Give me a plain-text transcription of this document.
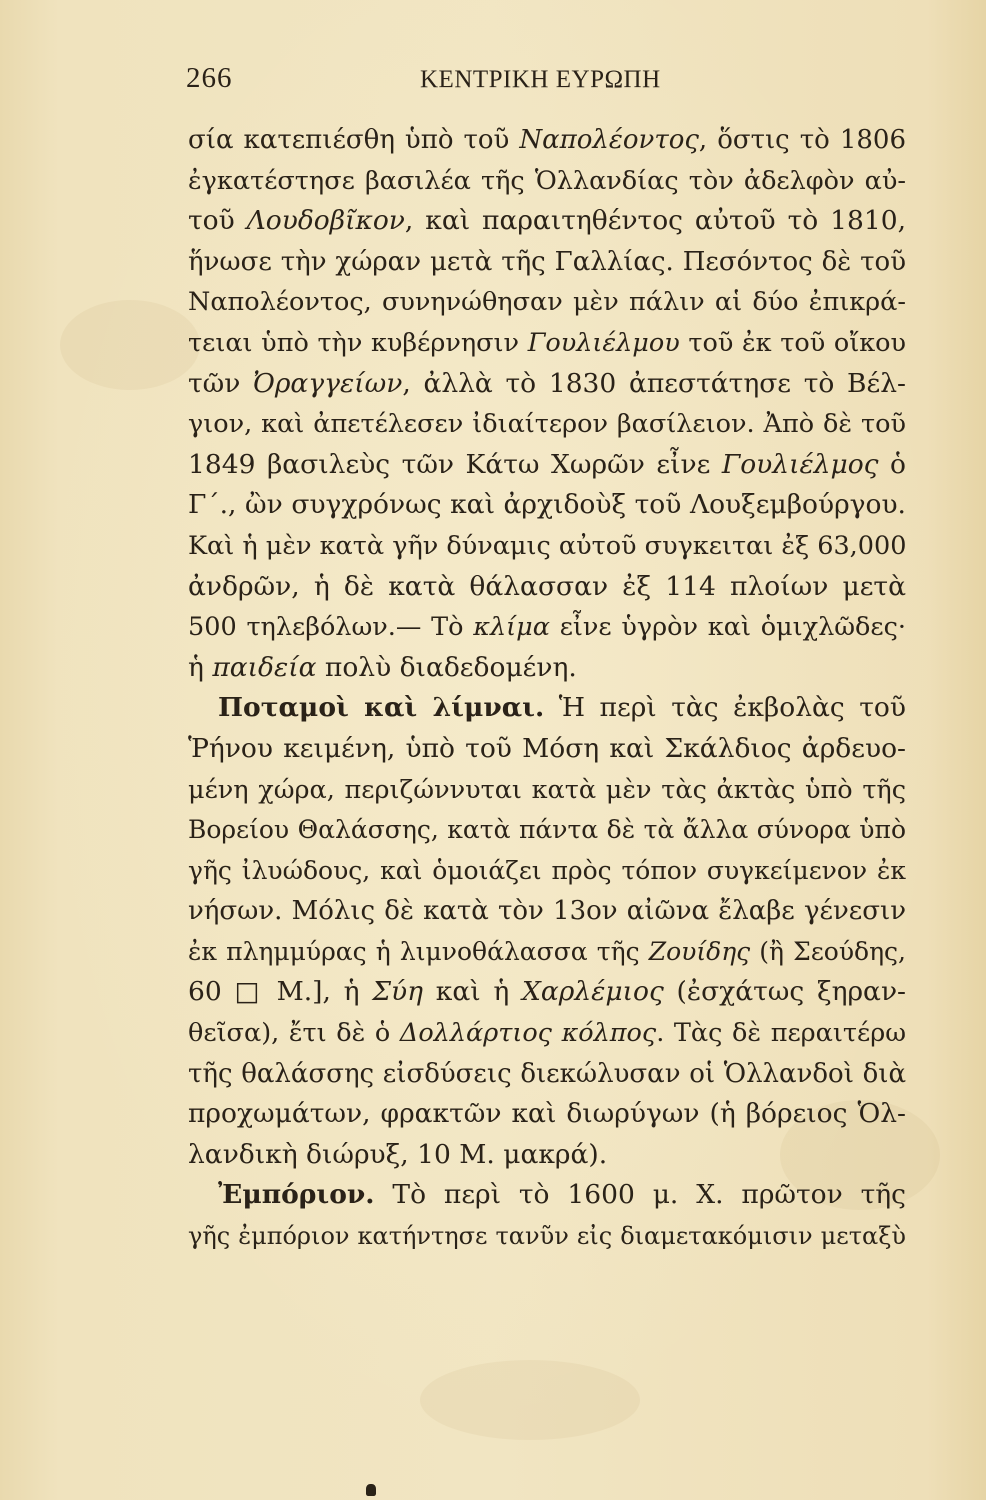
266	ΚΕΝΤΡΙΚΗ ΕΥΡΩΠΗ
σία κατεπιέσθη ὑπὸ τοῦ Ναπολέοντος, ὅστις τὸ 1806
ἐγκατέστησε βασιλέα τῆς Ὁλλανδίας τὸν ἀδελφὸν αὐ-
τοῦ Λουδοβῖκον, καὶ παραιτηθέντος αὐτοῦ τὸ 1810,
ἥνωσε τὴν χώραν μετὰ τῆς Γαλλίας. Πεσόντος δὲ τοῦ
Ναπολέοντος, συνηνώθησαν μὲν πάλιν αἱ δύο ἐπικρά-
τειαι ὑπὸ τὴν κυβέρνησιν Γουλιέλμου τοῦ ἐκ τοῦ οἴκου
τῶν Ὀραγγείων, ἀλλὰ τὸ 1830 ἀπεστάτησε τὸ Βέλ-
γιον, καὶ ἀπετέλεσεν ἰδιαίτερον βασίλειον. Ἀπὸ δὲ τοῦ
1849 βασιλεὺς τῶν Κάτω Χωρῶν εἶνε Γουλιέλμος ὁ
Γ΄., ὢν συγχρόνως καὶ ἀρχιδοὺξ τοῦ Λουξεμβούργου.
Καὶ ἡ μὲν κατὰ γῆν δύναμις αὐτοῦ συγκειται ἐξ 63,000
ἀνδρῶν, ἡ δὲ κατὰ θάλασσαν ἐξ 114 πλοίων μετὰ
500 τηλεβόλων.— Τὸ κλίμα εἶνε ὑγρὸν καὶ ὁμιχλῶδες·
ἡ παιδεία πολὺ διαδεδομένη.
Ποταμοὶ καὶ λίμναι. Ἡ περὶ τὰς ἐκβολὰς τοῦ
Ῥήνου κειμένη, ὑπὸ τοῦ Μόση καὶ Σκάλδιος ἀρδευο-
μένη χώρα, περιζώννυται κατὰ μὲν τὰς ἀκτὰς ὑπὸ τῆς
Βορείου Θαλάσσης, κατὰ πάντα δὲ τὰ ἄλλα σύνορα ὑπὸ
γῆς ἰλυώδους, καὶ ὁμοιάζει πρὸς τόπον συγκείμενον ἐκ
νήσων. Μόλις δὲ κατὰ τὸν 13ον αἰῶνα ἔλαβε γένεσιν
ἐκ πλημμύρας ἡ λιμνοθάλασσα τῆς Ζουίδης (ἢ Σεούδης,
60 □ Μ.], ἡ Σύη καὶ ἡ Χαρλέμιος (ἐσχάτως ξηραν-
θεῖσα), ἔτι δὲ ὁ Δολλάρτιος κόλπος. Τὰς δὲ περαιτέρω
τῆς θαλάσσης εἰσδύσεις διεκώλυσαν οἱ Ὁλλανδοὶ διὰ
προχωμάτων, φρακτῶν καὶ διωρύγων (ἡ βόρειος Ὁλ-
λανδικὴ διώρυξ, 10 Μ. μακρά).
Ἐμπόριον. Τὸ περὶ τὸ 1600 μ. Χ. πρῶτον τῆς
γῆς ἐμπόριον κατήντησε τανῦν εἰς διαμετακόμισιν μεταξὺ
